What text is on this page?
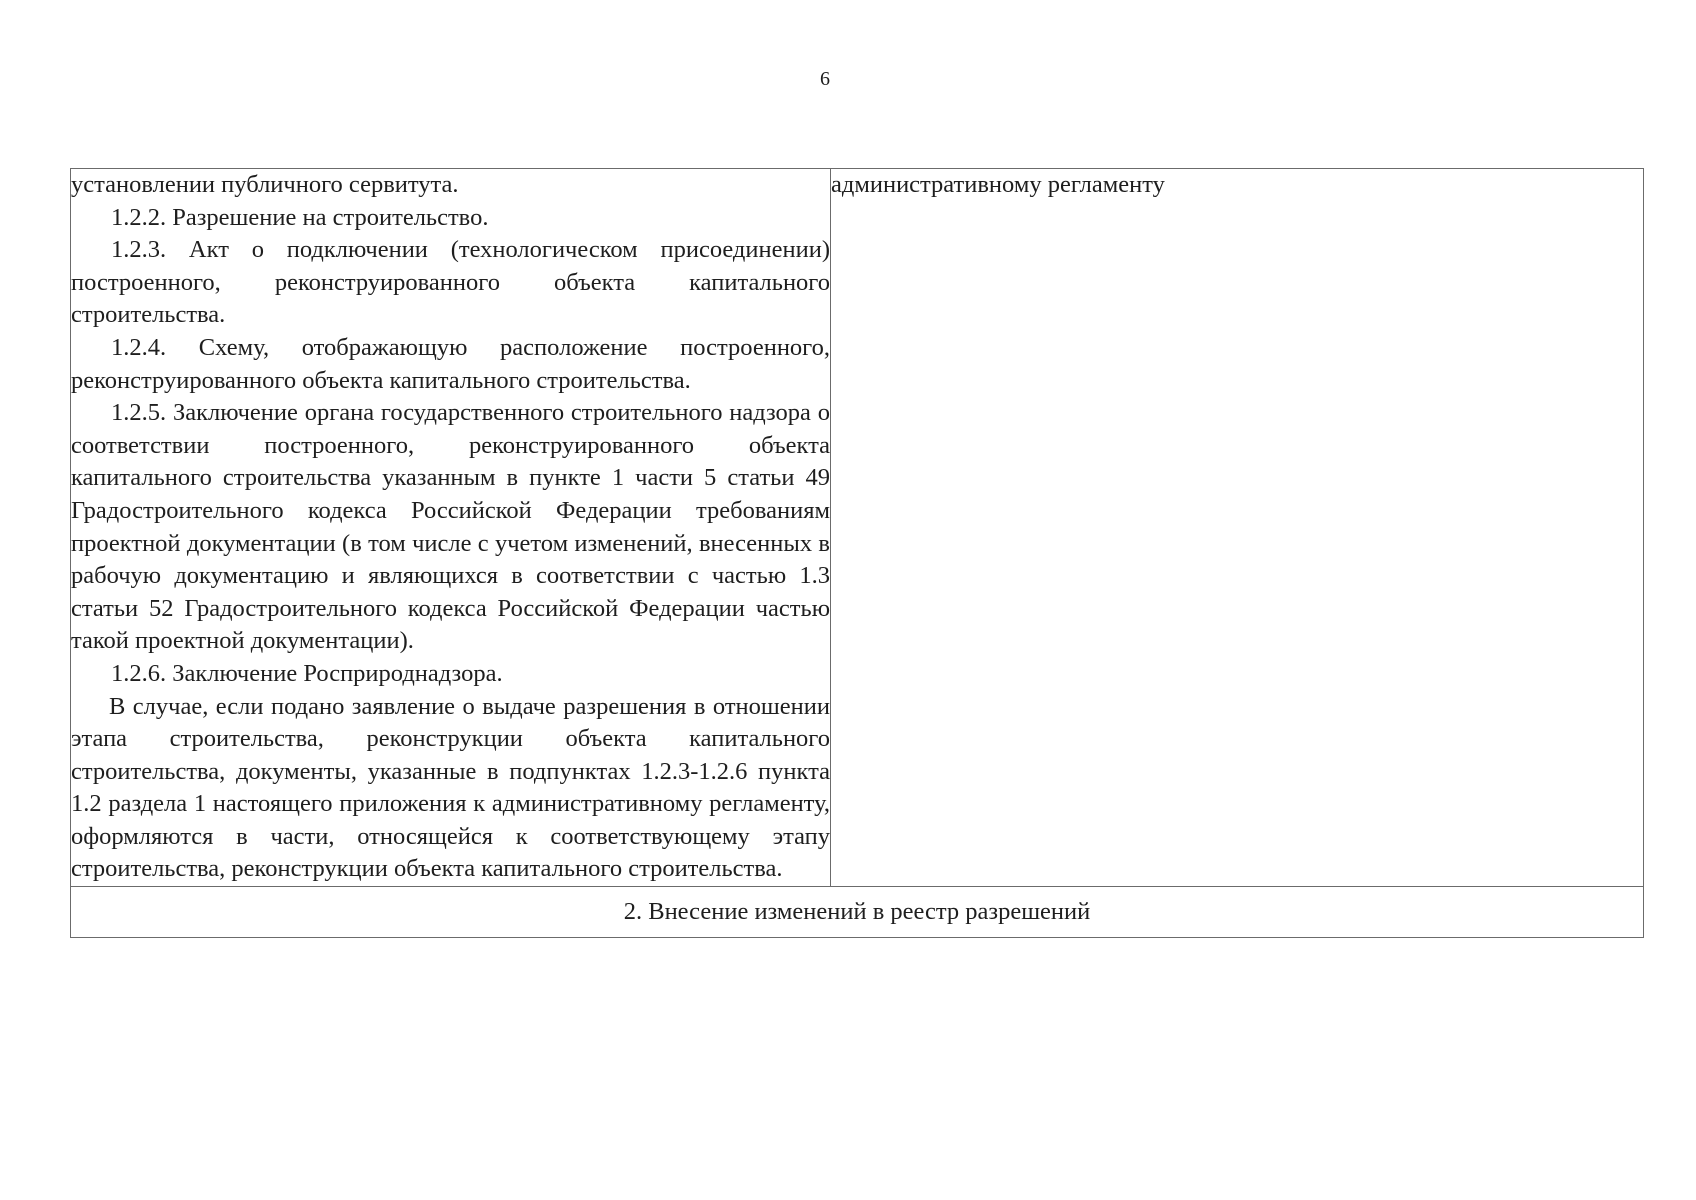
6

установлении публичного сервитута.

1.2.2. Разрешение на строительство.

1.2.3. Акт о подключении (технологическом присоединении) построенного, реконструированного объекта капитального строительства.

1.2.4. Схему, отображающую расположение построенного, реконструированного объекта капитального строительства.

1.2.5. Заключение органа государственного строительного надзора о соответствии построенного, реконструированного объекта капитального строительства указанным в пункте 1 части 5 статьи 49 Градостроительного кодекса Российской Федерации требованиям проектной документации (в том числе с учетом изменений, внесенных в рабочую документацию и являющихся в соответствии с частью 1.3 статьи 52 Градостроительного кодекса Российской Федерации частью такой проектной документации).

1.2.6. Заключение Росприроднадзора.

В случае, если подано заявление о выдаче разрешения в отношении этапа строительства, реконструкции объекта капитального строительства, документы, указанные в подпунктах 1.2.3-1.2.6 пункта 1.2 раздела 1 настоящего приложения к административному регламенту, оформляются в части, относящейся к соответствующему этапу строительства, реконструкции объекта капитального строительства.

	административному регламенту
2. Внесение изменений в реестр разрешений
